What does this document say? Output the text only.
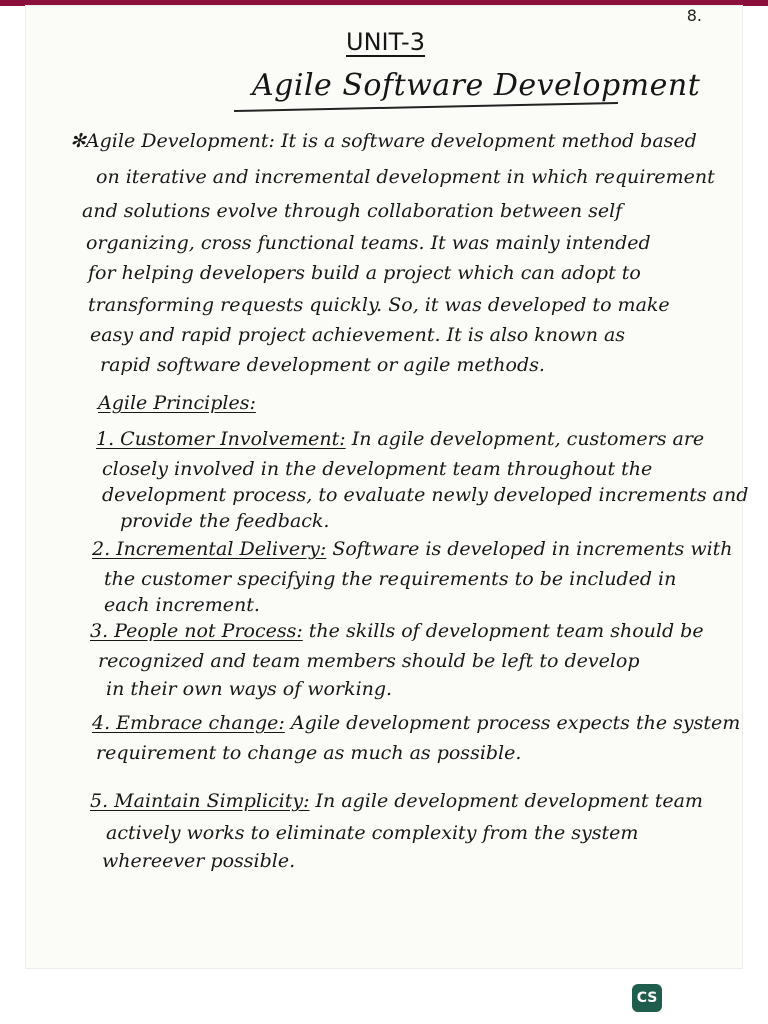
8.
UNIT-3
Agile Software Development
✻Agile Development: It is a software development method based
on iterative and incremental development in which requirement
and solutions evolve through collaboration between self
organizing, cross functional teams. It was mainly intended
for helping developers build a project which can adopt to
transforming requests quickly. So, it was developed to make
easy and rapid project achievement. It is also known as
rapid software development or agile methods.
Agile Principles:
1. Customer Involvement: In agile development, customers are
closely involved in the development team throughout the
development process, to evaluate newly developed increments and
provide the feedback.
2. Incremental Delivery: Software is developed in increments with
the customer specifying the requirements to be included in
each increment.
3. People not Process: the skills of development team should be
recognized and team members should be left to develop
in their own ways of working.
4. Embrace change: Agile development process expects the system
requirement to change as much as possible.
5. Maintain Simplicity: In agile development development team
actively works to eliminate complexity from the system
whereever possible.
CS
